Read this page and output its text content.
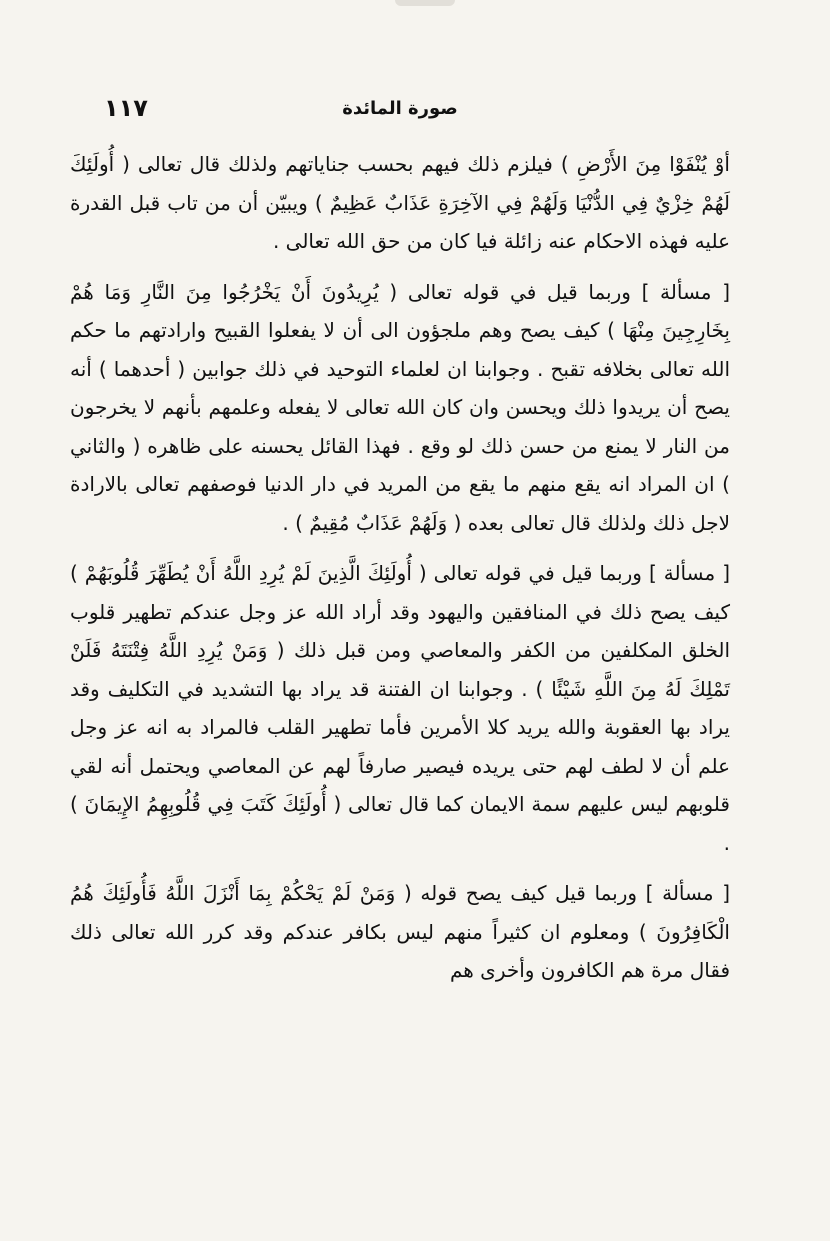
١١٧	صورة المائدة

أوْ يُنْفَوْا مِنَ الأَرْضِ ) فيلزم ذلك فيهم بحسب جناياتهم ولذلك قال تعالى ( أُولَئِكَ لَهُمْ خِزْيٌ فِي الدُّنْيَا وَلَهُمْ فِي الآخِرَةِ عَذَابٌ عَظِيمٌ ) ويبيّن أن من تاب قبل القدرة عليه فهذه الاحكام عنه زائلة فيا كان من حق الله تعالى .

[ مسألة ] وربما قيل في قوله تعالى ( يُرِيدُونَ أَنْ يَخْرُجُوا مِنَ النَّارِ وَمَا هُمْ بِخَارِجِينَ مِنْهَا ) كيف يصح وهم ملجؤون الى أن لا يفعلوا القبيح وارادتهم ما حكم الله تعالى بخلافه تقبح . وجوابنا ان لعلماء التوحيد في ذلك جوابين ( أحدهما ) أنه يصح أن يريدوا ذلك ويحسن وان كان الله تعالى لا يفعله وعلمهم بأنهم لا يخرجون من النار لا يمنع من حسن ذلك لو وقع . فهذا القائل يحسنه على ظاهره ( والثاني ) ان المراد انه يقع منهم ما يقع من المريد في دار الدنيا فوصفهم تعالى بالارادة لاجل ذلك ولذلك قال تعالى بعده ( وَلَهُمْ عَذَابٌ مُقِيمٌ ) .

[ مسألة ] وربما قيل في قوله تعالى ( أُولَئِكَ الَّذِينَ لَمْ يُرِدِ اللَّهُ أَنْ يُطَهِّرَ قُلُوبَهُمْ ) كيف يصح ذلك في المنافقين واليهود وقد أراد الله عز وجل عندكم تطهير قلوب الخلق المكلفين من الكفر والمعاصي ومن قبل ذلك ( وَمَنْ يُرِدِ اللَّهُ فِتْنَتَهُ فَلَنْ تَمْلِكَ لَهُ مِنَ اللَّهِ شَيْئًا ) . وجوابنا ان الفتنة قد يراد بها التشديد في التكليف وقد يراد بها العقوبة والله يريد كلا الأمرين فأما تطهير القلب فالمراد به انه عز وجل علم أن لا لطف لهم حتى يريده فيصير صارفاً لهم عن المعاصي ويحتمل أنه لقي قلوبهم ليس عليهم سمة الايمان كما قال تعالى ( أُولَئِكَ كَتَبَ فِي قُلُوبِهِمُ الإِيمَانَ ) .

[ مسألة ] وربما قيل كيف يصح قوله ( وَمَنْ لَمْ يَحْكُمْ بِمَا أَنْزَلَ اللَّهُ فَأُولَئِكَ هُمُ الْكَافِرُونَ ) ومعلوم ان كثيراً منهم ليس بكافر عندكم وقد كرر الله تعالى ذلك فقال مرة هم الكافرون وأخرى هم
